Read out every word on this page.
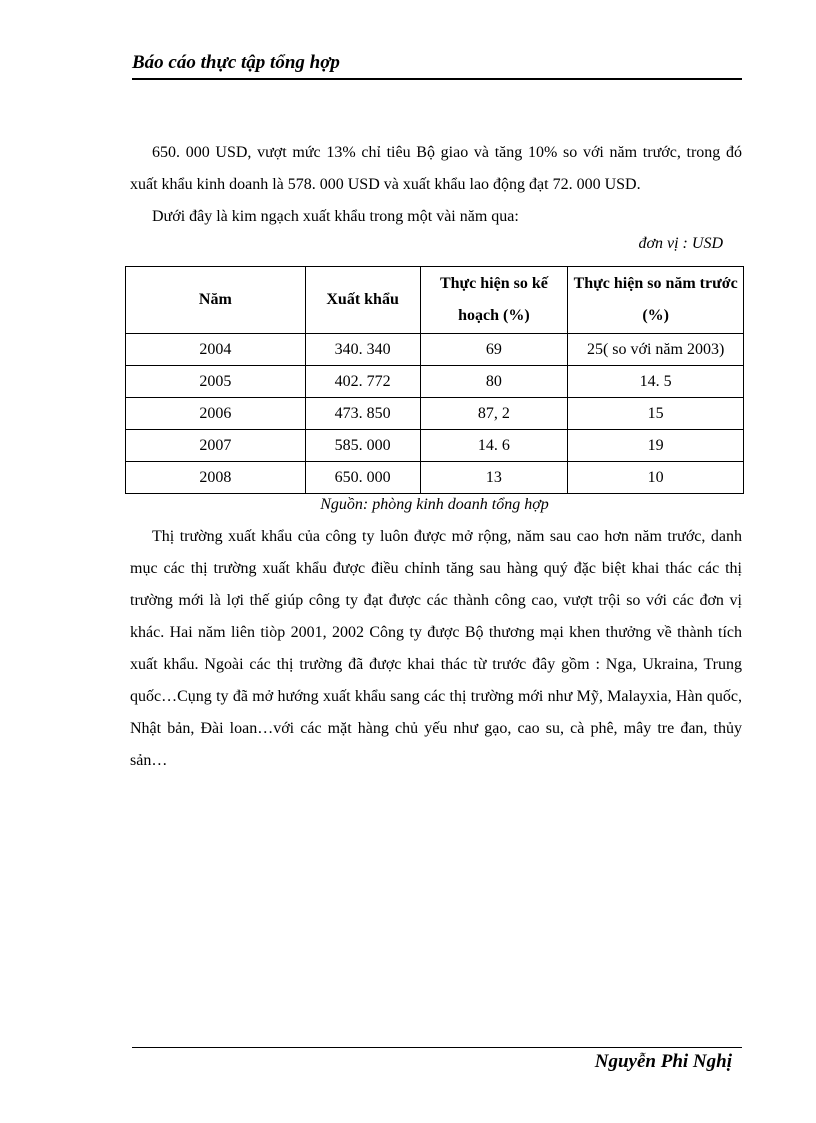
Báo cáo thực tập tổng hợp

650. 000 USD, vượt mức 13% chỉ tiêu Bộ giao và tăng 10% so với năm trước, trong đó xuất khẩu kinh doanh là 578. 000 USD và xuất khẩu lao động đạt 72. 000 USD.

Dưới đây là kim ngạch xuất khẩu trong một vài năm qua:

đơn vị : USD
Năm	Xuất khẩu	Thực hiện so kế hoạch (%)	Thực hiện so năm trước (%)
2004	340. 340	69	25( so với năm 2003)
2005	402. 772	80	14. 5
2006	473. 850	87, 2	15
2007	585. 000	14. 6	19
2008	650. 000	13	10
Nguồn: phòng kinh doanh tổng hợp

Thị trường xuất khẩu của công ty luôn được mở rộng, năm sau cao hơn năm trước, danh mục các thị trường xuất khẩu được điều chỉnh tăng sau hàng quý đặc biệt khai thác các thị trường mới là lợi thế giúp công ty đạt được các thành công cao, vượt trội so với các đơn vị khác. Hai năm liên tiòp 2001, 2002 Công ty được Bộ thương mại khen thưởng về thành tích xuất khẩu. Ngoài các thị trường đã được khai thác từ trước đây gồm : Nga, Ukraina, Trung quốc…Cụng ty đã mở hướng xuất khẩu sang các thị trường mới như Mỹ, Malayxia, Hàn quốc, Nhật bản, Đài loan…với các mặt hàng chủ yếu như gạo, cao su, cà phê, mây tre đan, thủy sản…

Nguyễn Phi Nghị
